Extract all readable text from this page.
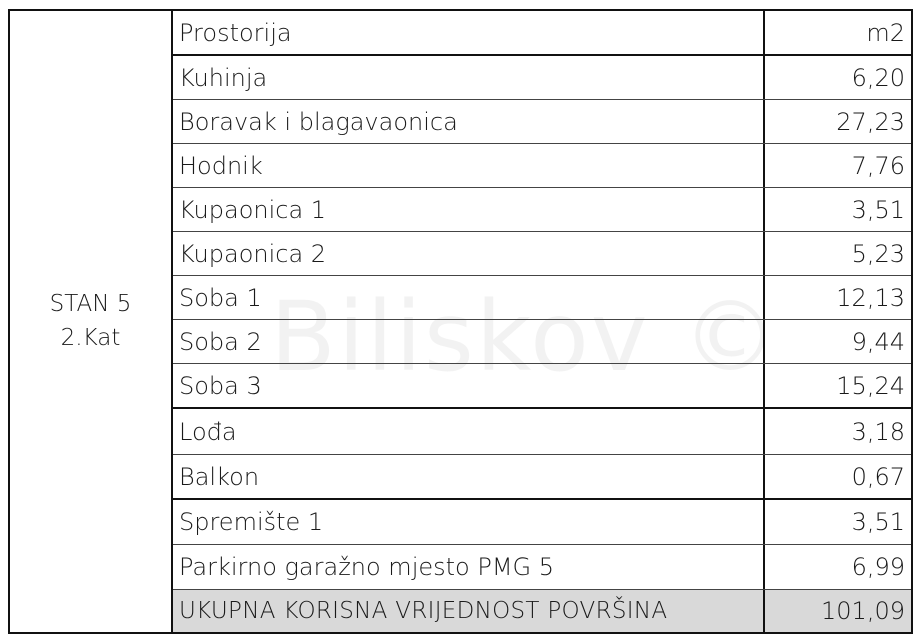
Biliskov ©
STAN 5
2.Kat
Prostorija	m2
Kuhinja	6,20
Boravak i blagavaonica	27,23
Hodnik	7,76
Kupaonica 1	3,51
Kupaonica 2	5,23
Soba 1	12,13
Soba 2	9,44
Soba 3	15,24
Lođa	3,18
Balkon	0,67
Spremište 1	3,51
Parkirno garažno mjesto PMG 5	6,99
UKUPNA KORISNA VRIJEDNOST POVRŠINA	101,09
